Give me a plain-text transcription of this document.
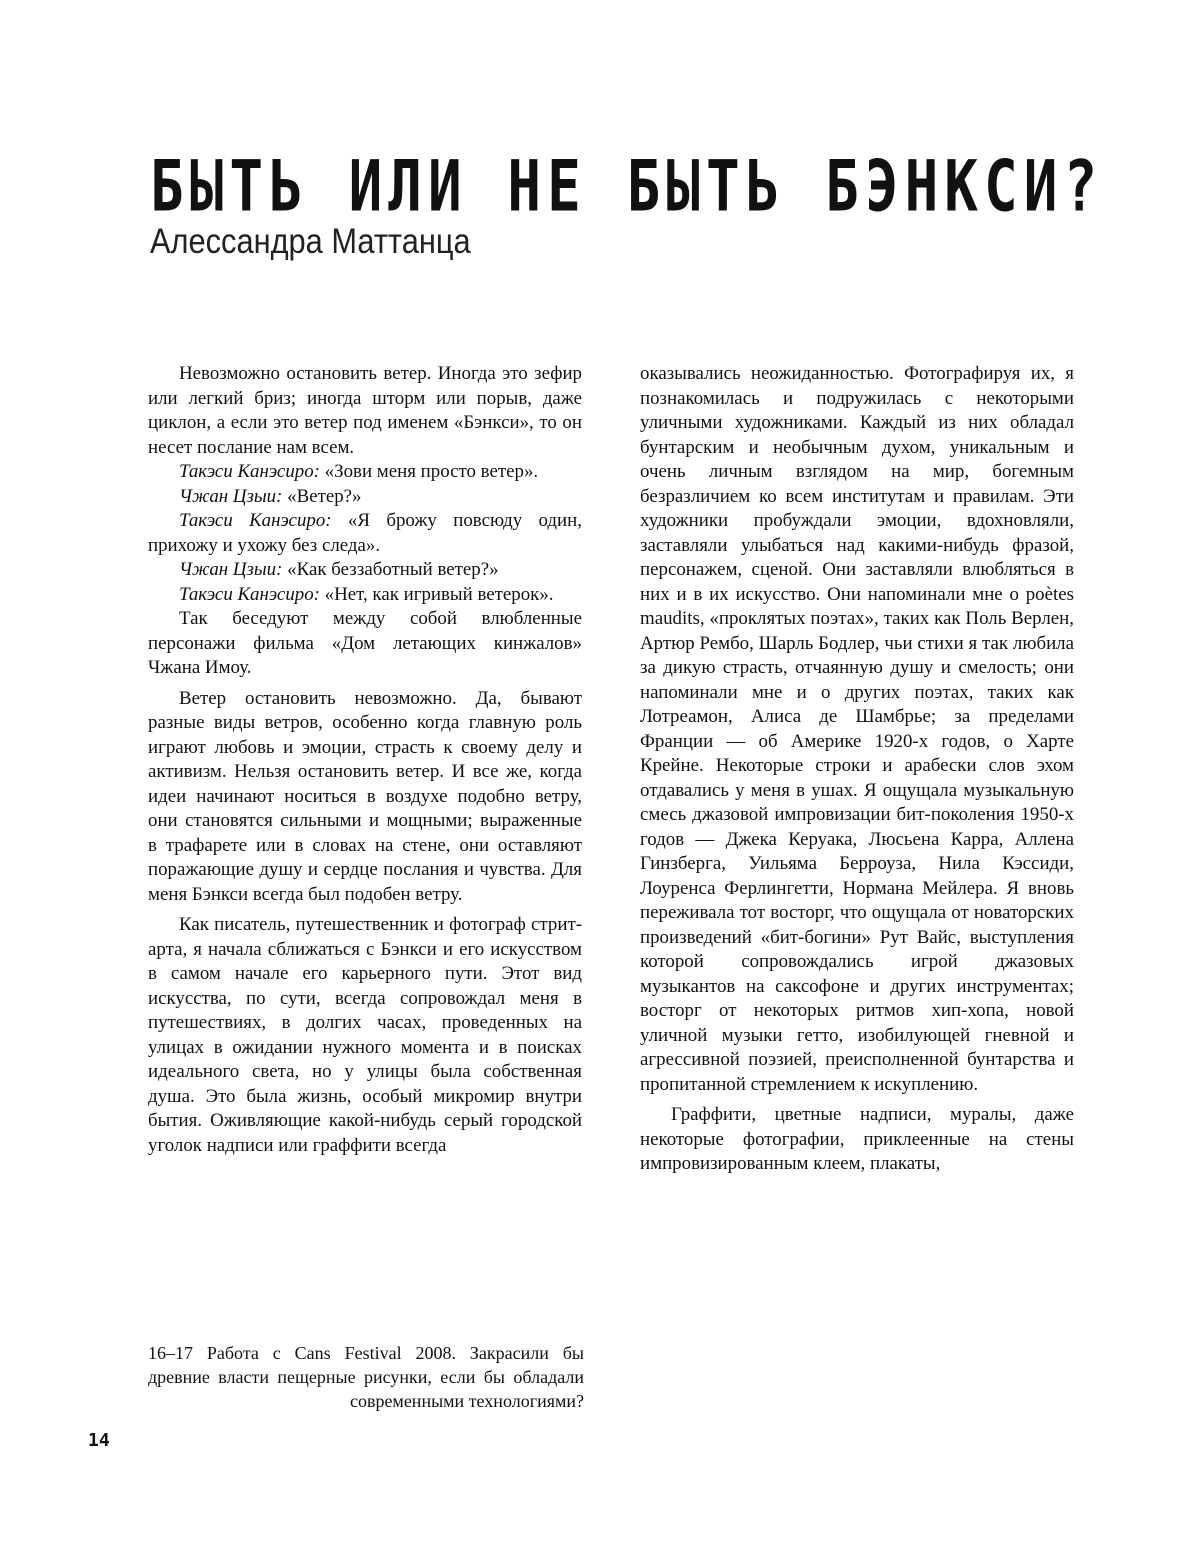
БЫТЬ ИЛИ НЕ БЫТЬ БЭНКСИ?
Алессандра Маттанца

Невозможно остановить ветер. Иногда это зефир или легкий бриз; иногда шторм или порыв, даже циклон, а если это ветер под именем «Бэнкси», то он несет послание нам всем.

Такэси Канэсиро: «Зови меня просто ветер».

Чжан Цзыи: «Ветер?»

Такэси Канэсиро: «Я брожу повсюду один, прихожу и ухожу без следа».

Чжан Цзыи: «Как беззаботный ветер?»

Такэси Канэсиро: «Нет, как игривый ветерок».

Так беседуют между собой влюбленные персонажи фильма «Дом летающих кинжалов» Чжана Имоу.

Ветер остановить невозможно. Да, бывают разные виды ветров, особенно когда главную роль играют любовь и эмоции, страсть к своему делу и активизм. Нельзя остановить ветер. И все же, когда идеи начинают носиться в воздухе подобно ветру, они становятся сильными и мощными; выраженные в трафарете или в словах на стене, они оставляют поражающие душу и сердце послания и чувства. Для меня Бэнкси всегда был подобен ветру.

Как писатель, путешественник и фотограф стрит-арта, я начала сближаться с Бэнкси и его искусством в самом начале его карьерного пути. Этот вид искусства, по сути, всегда сопровождал меня в путешествиях, в долгих часах, проведенных на улицах в ожидании нужного момента и в поисках идеального света, но у улицы была собственная душа. Это была жизнь, особый микромир внутри бытия. Оживляющие какой-нибудь серый городской уголок надписи или граффити всегда

оказывались неожиданностью. Фотографируя их, я познакомилась и подружилась с некоторыми уличными художниками. Каждый из них обладал бунтарским и необычным духом, уникальным и очень личным взглядом на мир, богемным безразличием ко всем институтам и правилам. Эти художники пробуждали эмоции, вдохновляли, заставляли улыбаться над какими-нибудь фразой, персонажем, сценой. Они заставляли влюбляться в них и в их искусство. Они напоминали мне о poètes maudits, «проклятых поэтах», таких как Поль Верлен, Артюр Рембо, Шарль Бодлер, чьи стихи я так любила за дикую страсть, отчаянную душу и смелость; они напоминали мне и о других поэтах, таких как Лотреамон, Алиса де Шамбрье; за пределами Франции — об Америке 1920-х годов, о Харте Крейне. Некоторые строки и арабески слов эхом отдавались у меня в ушах. Я ощущала музыкальную смесь джазовой импровизации бит-поколения 1950-х годов — Джека Керуака, Люсьена Карра, Аллена Гинзберга, Уильяма Берроуза, Нила Кэссиди, Лоуренса Ферлингетти, Нормана Мейлера. Я вновь переживала тот восторг, что ощущала от новаторских произведений «бит-богини» Рут Вайс, выступления которой сопровождались игрой джазовых музыкантов на саксофоне и других инструментах; восторг от некоторых ритмов хип-хопа, новой уличной музыки гетто, изобилующей гневной и агрессивной поэзией, преисполненной бунтарства и пропитанной стремлением к искуплению.

Граффити, цветные надписи, муралы, даже некоторые фотографии, приклеенные на стены импровизированным клеем, плакаты,

16–17 Работа с Cans Festival 2008. Закрасили бы древние власти пещерные рисунки, если бы обладали современными технологиями?
14
